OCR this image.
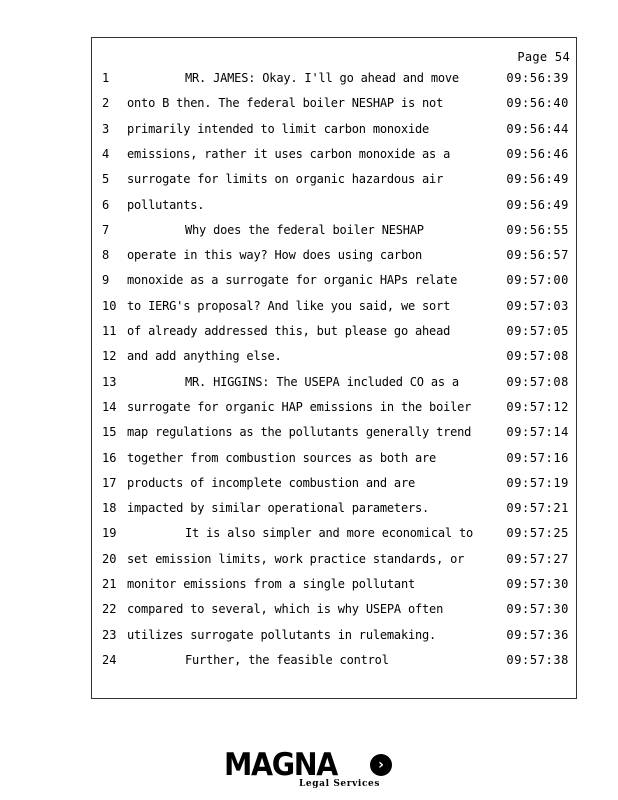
Page 54
1	MR. JAMES: Okay. I'll go ahead and move	09:56:39
2	onto B then. The federal boiler NESHAP is not	09:56:40
3	primarily intended to limit carbon monoxide	09:56:44
4	emissions, rather it uses carbon monoxide as a	09:56:46
5	surrogate for limits on organic hazardous air	09:56:49
6	pollutants.	09:56:49
7	Why does the federal boiler NESHAP	09:56:55
8	operate in this way? How does using carbon	09:56:57
9	monoxide as a surrogate for organic HAPs relate	09:57:00
10 to IERG's proposal? And like you said, we sort	09:57:03
11 of already addressed this, but please go ahead	09:57:05
12 and add anything else.	09:57:08
13	MR. HIGGINS: The USEPA included CO as a	09:57:08
14 surrogate for organic HAP emissions in the boiler	09:57:12
15 map regulations as the pollutants generally trend	09:57:14
16 together from combustion sources as both are	09:57:16
17 products of incomplete combustion and are	09:57:19
18 impacted by similar operational parameters.	09:57:21
19	It is also simpler and more economical to	09:57:25
20 set emission limits, work practice standards, or	09:57:27
21 monitor emissions from a single pollutant	09:57:30
22 compared to several, which is why USEPA often	09:57:30
23 utilizes surrogate pollutants in rulemaking.	09:57:36
24	Further, the feasible control	09:57:38
MAGNA	›
Legal Services
